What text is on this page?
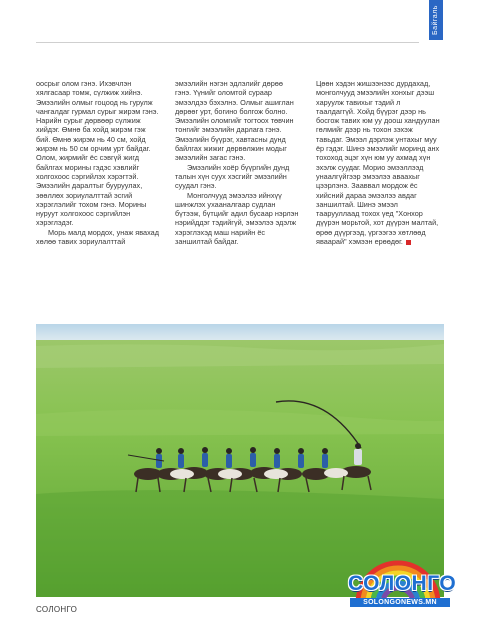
Байгаль

оосрыг олом гэнэ. Ихэвчлэн хялгасаар томж, сүлжиж хийнэ. Эмээлийн олмыг гоцоод нь гурулж чангалдаг гурмал сурыг жирэм гэнэ. Нарийн сурыг дөрвөөр сүлжиж хийдэг. Өмнө ба хойд жирэм гэж бий. Өмнө жирэм нь 40 см, хойд жирэм нь 50 см орчим урт байдаг. Олом, жирмийг ёс сэвгүй жигд байлгах морины гэдэс хэвлийг холгохоос сэргийлэх хэрэгтэй. Эмээлийн даралтыг бууруулах, зөөллөх зориулалттай эсгий хэрэглэлийг тохом гэнэ. Морины нуруут холгохоос сэргийлэн хэрэглэдэг.

Морь малд мордох, унаж явахад хөлөө тавих зориулалттай

эмээлийн нэгэн эдлэлийг дөрөө гэнэ. Үүнийг оломтой сураар эмээлдээ бэхэлнэ. Олмыг ашиглан дөрөөг урт, богино болгож болно. Эмээлийн оломгийг тогтоох төвчин тонгийг эмээлийн дарлага гэнэ. Эмээлийн бүүрэг, хавтасны дунд байлгах жижиг дөрвөлжин модыг эмээлийн загас гэнэ.

Эмээлийн хоёр бүүргийн дунд талын хүн суух хэсгийг эмээлийн суудал гэнэ.

Монголчууд эмээлээ ийнхүү шинжлэх ухааналгаар судлан бүтээж, бүтцийг адил бусаар нэрлэн нэрийддэг тэдийгүй, эмээлээ эдэлж хэрэглэхэд маш нарийн ёс заншилтай байдаг.

Цөөн хэдэн жишээнээс дурдахад, монголчууд эмээлийн хонхыг дээш харуулж тавихыг тэдий л таалдаггүй. Хойд бүүрэг дээр нь босгож тавих юм уу доош хандуулан гөлмийг дээр нь тохон зэхэж тавьдаг. Эмээл дэрлэж унтахыг муу ёр гэдэг. Шинэ эмээлийг моринд анх тохоход эцэг хүн юм уу ахмад хүн эхэлж суудаг. Морио эмээллээд унаалгүйгээр эмээлээ аваахыг цээрлэнэ. Зааввал мордож ёс хийсний дараа эмээлээ авдаг заншилтай. Шинэ эмээл таарууллаад тохох үед "Хонхор дүүрэн морьтой, хот дүүрэн малтай, өрөө дүүргээд, үргээгээ хөтлөөд яваарай" хэмээн ерөөдөг.

СОЛОНГО
SOLONGONEWS.MN
СОЛОНГО
